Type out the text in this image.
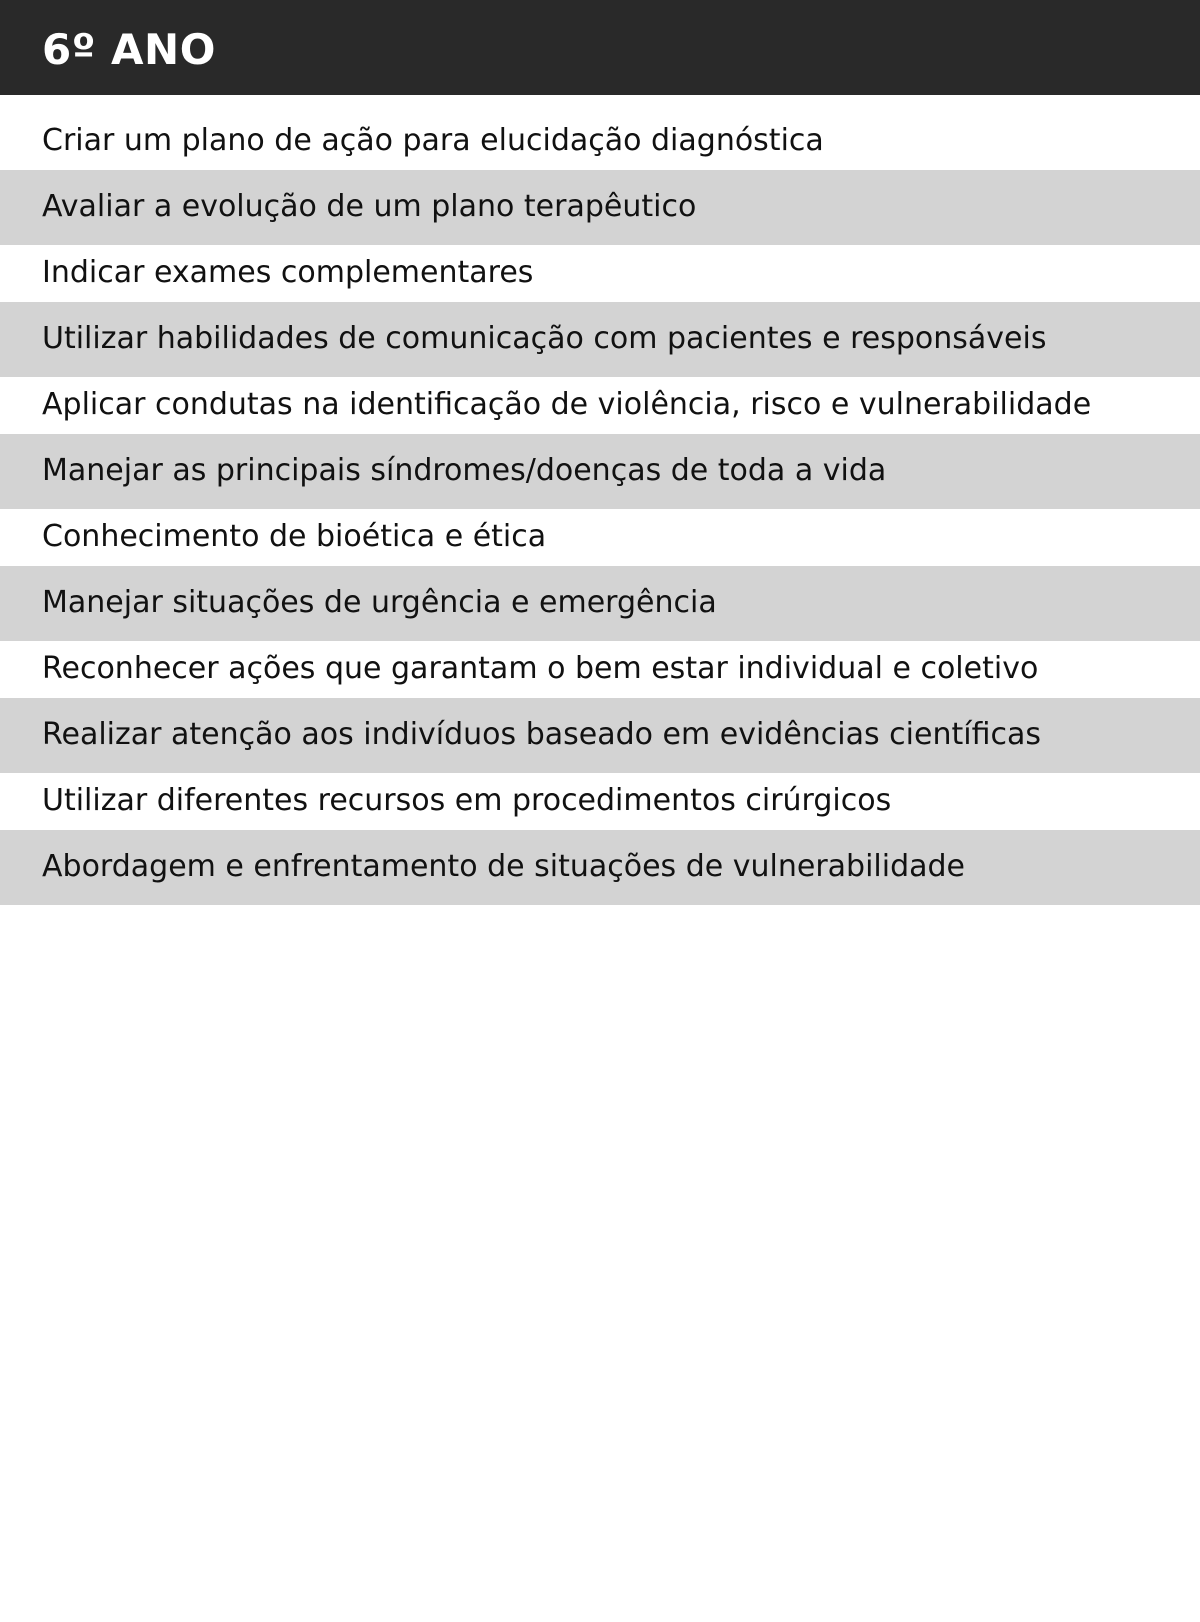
6º ANO
Criar um plano de ação para elucidação diagnóstica
Avaliar a evolução de um plano terapêutico
Indicar exames complementares
Utilizar habilidades de comunicação com pacientes e responsáveis
Aplicar condutas na identificação de violência, risco e vulnerabilidade
Manejar as principais síndromes/doenças de toda a vida
Conhecimento de bioética e ética
Manejar situações de urgência e emergência
Reconhecer ações que garantam o bem estar individual e coletivo
Realizar atenção aos indivíduos baseado em evidências científicas
Utilizar diferentes recursos em procedimentos cirúrgicos
Abordagem e enfrentamento de situações de vulnerabilidade
